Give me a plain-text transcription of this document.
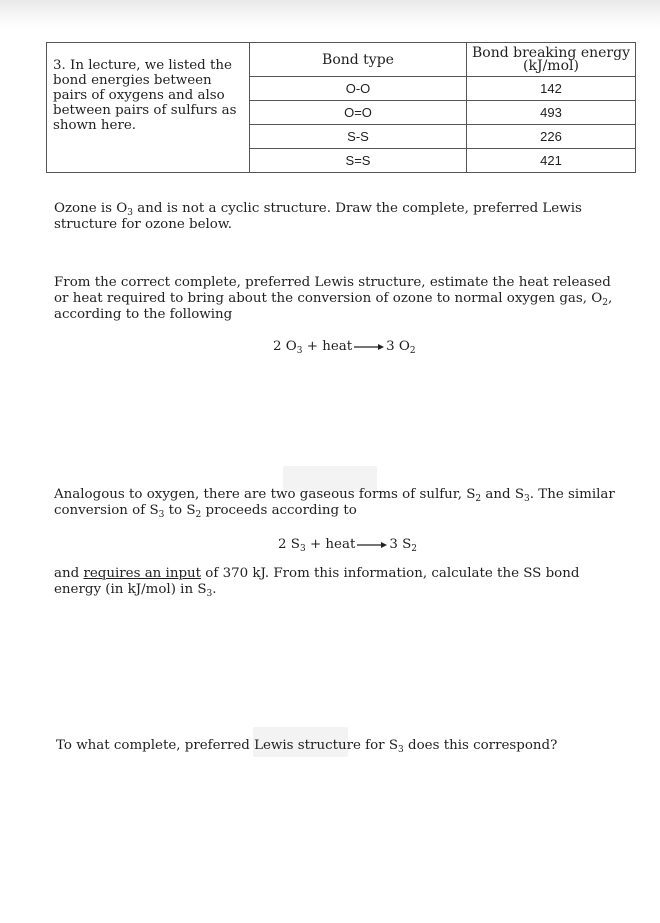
3. In lecture, we listed the bond energies between pairs of oxygens and also between pairs of sulfurs as shown here.	Bond type	Bond breaking energy
(kJ/mol)
	O-O	142
	O=O	493
	S-S	226
	S=S	421
Ozone is $O_3$ and is not a cyclic structure. Draw the complete, preferred Lewis structure for ozone below.
From the correct complete, preferred Lewis structure, estimate the heat released or heat required to bring about the conversion of ozone to normal oxygen gas, $O_2$, according to the following
2 $O_3$ + heat→3 $O_2$
Analogous to oxygen, there are two gaseous forms of sulfur, $S_2$ and $S_3$. The similar conversion of $S_3$ to $S_2$ proceeds according to
2 $S_3$ + heat→3 $S_2$
and requires an input of 370 kJ. From this information, calculate the SS bond energy (in kJ/mol) in $S_3$.
To what complete, preferred Lewis structure for $S_3$ does this correspond?
